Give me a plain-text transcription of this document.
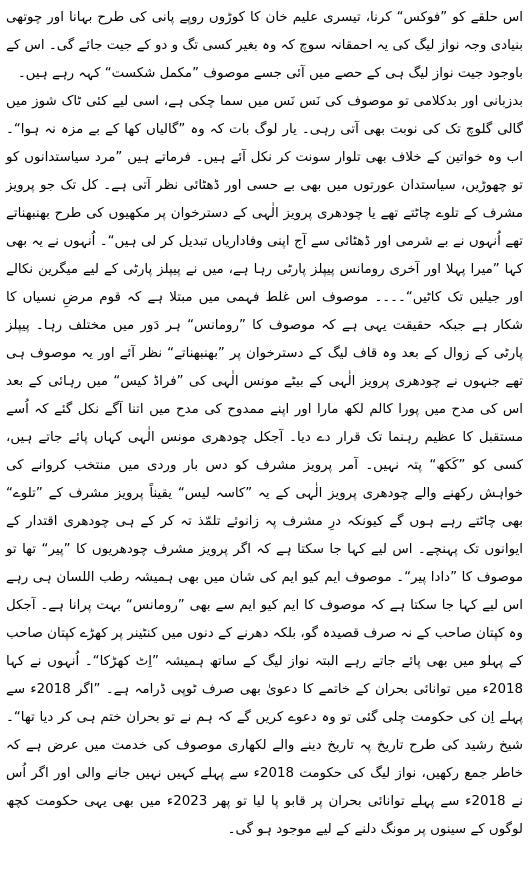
اس حلقے کو ”فوکس“ کرنا، تیسری علیم خان کا کوڑوں روپے پانی کی طرح بہانا اور چوتھی بنیادی وجہ نواز لیگ کی یہ احمقانہ سوچ کہ وہ بغیر کسی تگ و دو کے جیت جائے گی۔ اس کے باوجود جیت نواز لیگ ہی کے حصے میں آئی جسے موصوف ”مکمل شکست“ کہہ رہے ہیں۔

بدزبانی اور بدکلامی تو موصوف کی نَس نَس میں سما چکی ہے، اسی لیے کئی ٹاک شوز میں گالی گلوچ تک کی نوبت بھی آتی رہی۔ یار لوگ بات کہ وہ ”گالیاں کھا کے بے مزہ نہ ہوا“۔ اب وہ خواتین کے خلاف بھی تلوار سونت کر نکل آئے ہیں۔ فرماتے ہیں ”مرد سیاستدانوں کو تو چھوڑیں، سیاستدان عورتوں میں بھی بے حسی اور ڈھٹائی نظر آتی ہے۔ کل تک جو پرویز مشرف کے تلوے چاٹتے تھے یا چودھری پرویز الٰہی کے دسترخوان پر مکھیوں کی طرح بھنبھناتے تھے اُنہوں نے بے شرمی اور ڈھٹائی سے آج اپنی وفاداریاں تبدیل کر لی ہیں“۔ اُنہوں نے یہ بھی کہا ”میرا پہلا اور آخری رومانس پیپلز پارٹی رہا ہے، میں نے پیپلز پارٹی کے لیے میگرین نکالے اور جیلیں تک کاٹیں“۔۔۔۔ موصوف اس غلط فہمی میں مبتلا ہے کہ قوم مرضِ نسیاں کا شکار ہے جبکہ حقیقت یہی ہے کہ موصوف کا ”رومانس“ ہر دَور میں مختلف رہا۔ پیپلز پارٹی کے زوال کے بعد وہ قاف لیگ کے دسترخوان پر ”بھنبھناتے“ نظر آئے اور یہ موصوف ہی تھے جنہوں نے چودھری پرویز الٰہی کے بیٹے مونس الٰہی کی ”فراڈ کیس“ میں رہائی کے بعد اس کی مدح میں پورا کالم لکھ مارا اور اپنے ممدوح کی مدح میں اتنا آگے نکل گئے کہ اُسے مستقبل کا عظیم رہنما تک قرار دے دیا۔ آجکل چودھری مونس الٰہی کہاں پائے جاتے ہیں، کسی کو ”کَکھ“ پتہ نہیں۔ آمر پرویز مشرف کو دس بار وردی میں منتخب کروانے کی خواہش رکھنے والے چودھری پرویز الٰہی کے یہ ”کاسہ لیس“ یقیناً پرویز مشرف کے ”تلوے“ بھی چاٹتے رہے ہوں گے کیونکہ درِ مشرف پہ زانوئے تلمّذ تہ کر کے ہی چودھری اقتدار کے ایوانوں تک پہنچے۔ اس لیے کہا جا سکتا ہے کہ اگر پرویز مشرف چودھریوں کا ”پیر“ تھا تو موصوف کا ”دادا پیر“۔ موصوف ایم کیو ایم کی شان میں بھی ہمیشہ رطب اللسان ہی رہے اس لیے کہا جا سکتا ہے کہ موصوف کا ایم کیو ایم سے بھی ”رومانس“ بہت پرانا ہے۔ آجکل وہ کپتان صاحب کے نہ صرف قصیدہ گو، بلکہ دھرنے کے دنوں میں کنٹینر پر کھڑے کپتان صاحب کے پہلو میں بھی پائے جاتے رہے البتہ نواز لیگ کے ساتھ ہمیشہ ”اِٹ کھڑکا“۔ اُنہوں نے کہا 2018ء میں توانائی بحران کے خاتمے کا دعویٰ بھی صرف ٹوپی ڈرامہ ہے۔ ”اگر 2018ء سے پہلے اِن کی حکومت چلی گئی تو وہ دعوے کریں گے کہ ہم نے تو بحران ختم ہی کر دیا تھا“۔ شیخ رشید کی طرح تاریخ پہ تاریخ دینے والے لکھاری موصوف کی خدمت میں عرض ہے کہ خاطر جمع رکھیں، نواز لیگ کی حکومت 2018ء سے پہلے کہیں نہیں جانے والی اور اگر اُس نے 2018ء سے پہلے توانائی بحران پر قابو پا لیا تو پھر 2023ء میں بھی یہی حکومت کچھ لوگوں کے سینوں پر مونگ دلنے کے لیے موجود ہو گی۔
